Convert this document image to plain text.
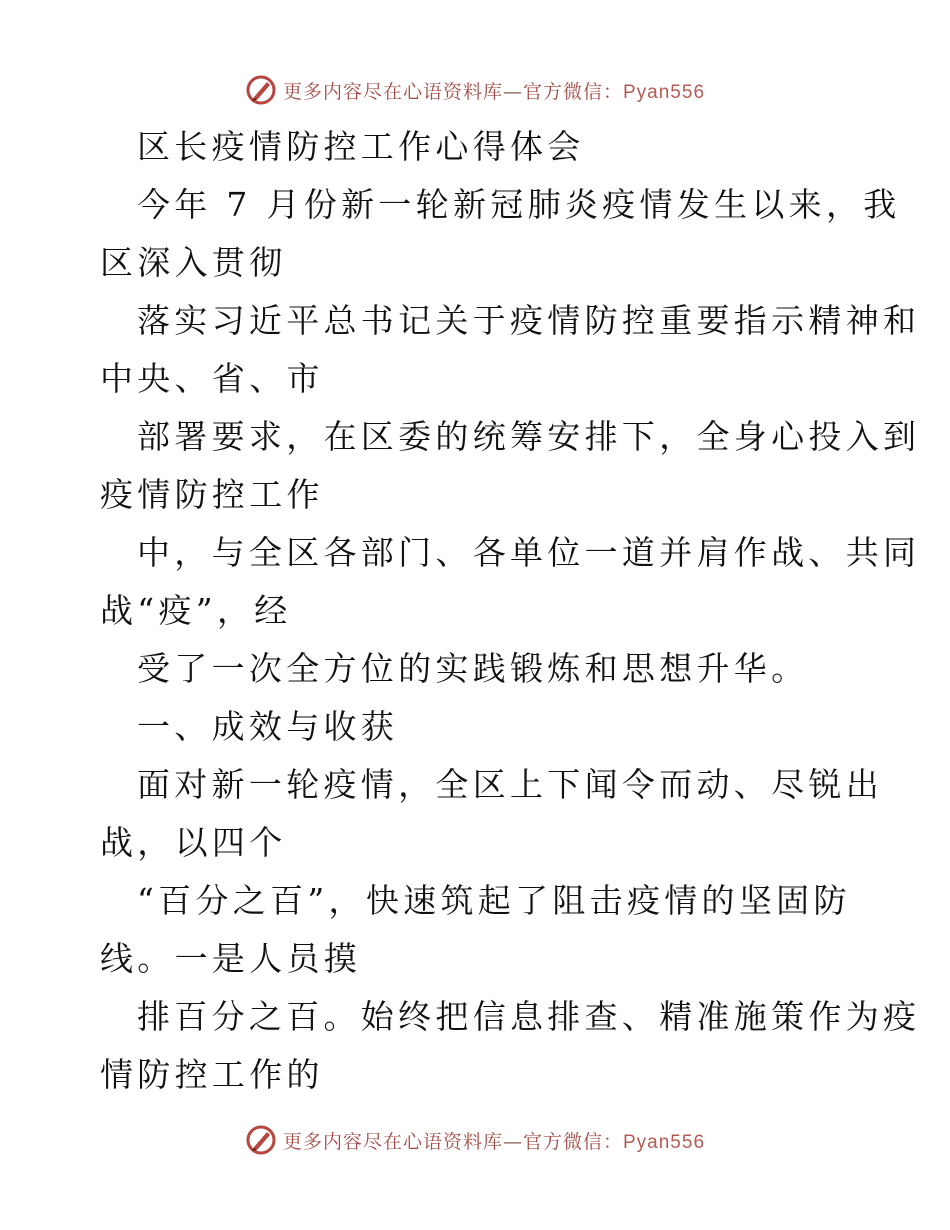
更多内容尽在心语资料库—官方微信：Pyan556
区长疫情防控工作心得体会
今年 7 月份新一轮新冠肺炎疫情发生以来，我
区深入贯彻
落实习近平总书记关于疫情防控重要指示精神和
中央、省、市
部署要求，在区委的统筹安排下，全身心投入到
疫情防控工作
中，与全区各部门、各单位一道并肩作战、共同
战“疫”，经
受了一次全方位的实践锻炼和思想升华。
一、成效与收获
面对新一轮疫情，全区上下闻令而动、尽锐出
战，以四个
“百分之百”，快速筑起了阻击疫情的坚固防
线。一是人员摸
排百分之百。始终把信息排查、精准施策作为疫
情防控工作的
更多内容尽在心语资料库—官方微信：Pyan556
